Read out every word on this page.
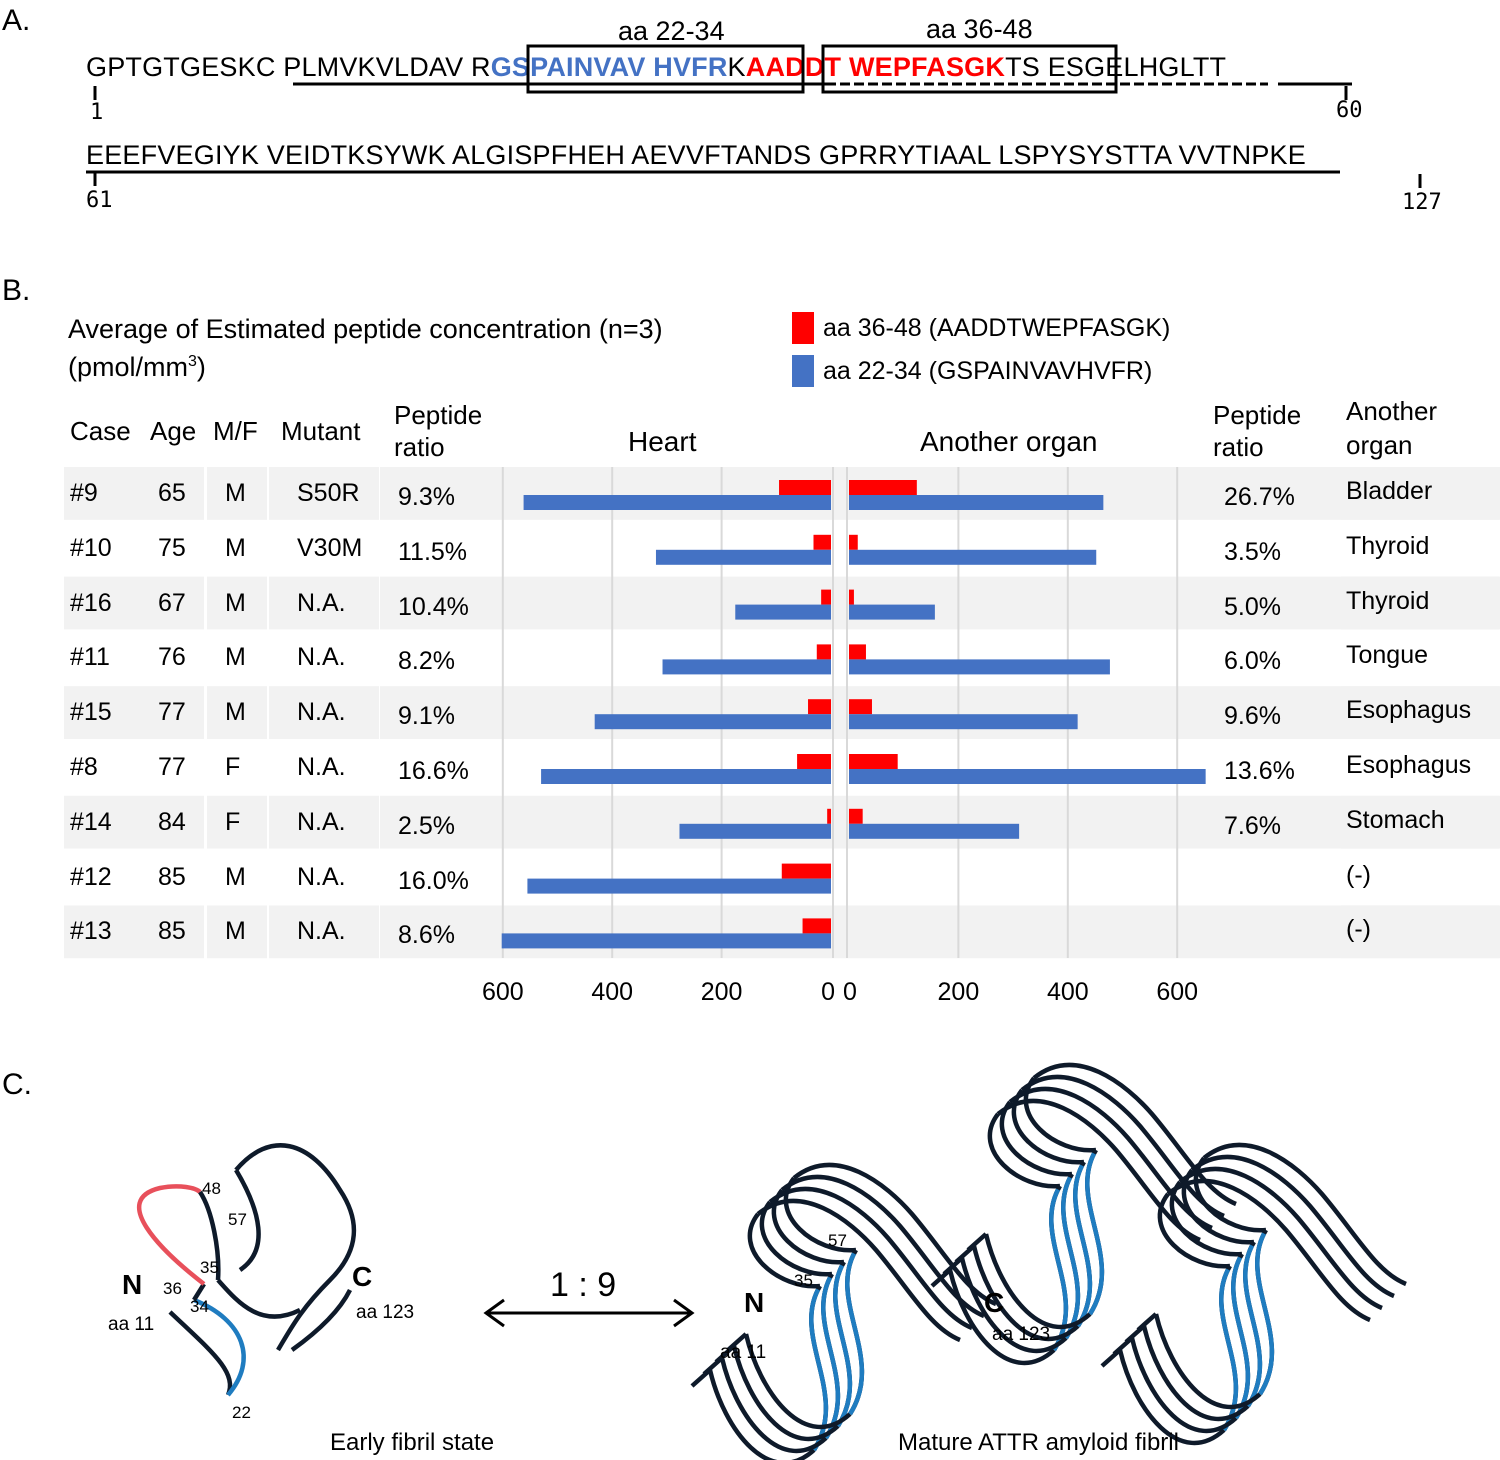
A.	aa 22-34	aa 36-48
GPTGTGESKC PLMVKVLDAV RGSPAINVAV HVFRKAADDT WEPFASGKTS ESGELHGLTT
EEEFVEGIYK VEIDTKSYWK ALGISPFHEH AEVVFTANDS GPRRYTIAAL LSPYSYSTTA VVTNPKE
1	60
61	127
B.
Average of Estimated peptide concentration (n=3)
$(pmol/mm^3)$
aa 36-48 (AADDTWEPFASGK)
aa 22-34 (GSPAINVAVHVFR)
Case Age M/F Mutant
Peptide
ratio	Heart	Another organ
Peptide
ratio
Another
organ
600	400	200	0 0	200	400	600
#9 65 M S50R 9.3%	26.7% Bladder
#10 75 M V30M 11.5%	3.5%	Thyroid
#16 67 M N.A. 10.4%	5.0%	Thyroid
#11 76 M N.A. 8.2%	6.0%	Tongue
#15 77 M N.A. 9.1%	9.6%	Esophagus
#8 77 F N.A. 16.6%	13.6% Esophagus
#14 84 F N.A. 2.5%	7.6%	Stomach
#12 85 M N.A. 16.0%	(-)
#13 85 M N.A. 8.6%	(-)
C.
N	C
aa 11
aa 123
48
57
35
36
34
22
Early fibril state
1 : 9	N	C
aa 11
aa 123
57
35
Mature ATTR amyloid fibril
